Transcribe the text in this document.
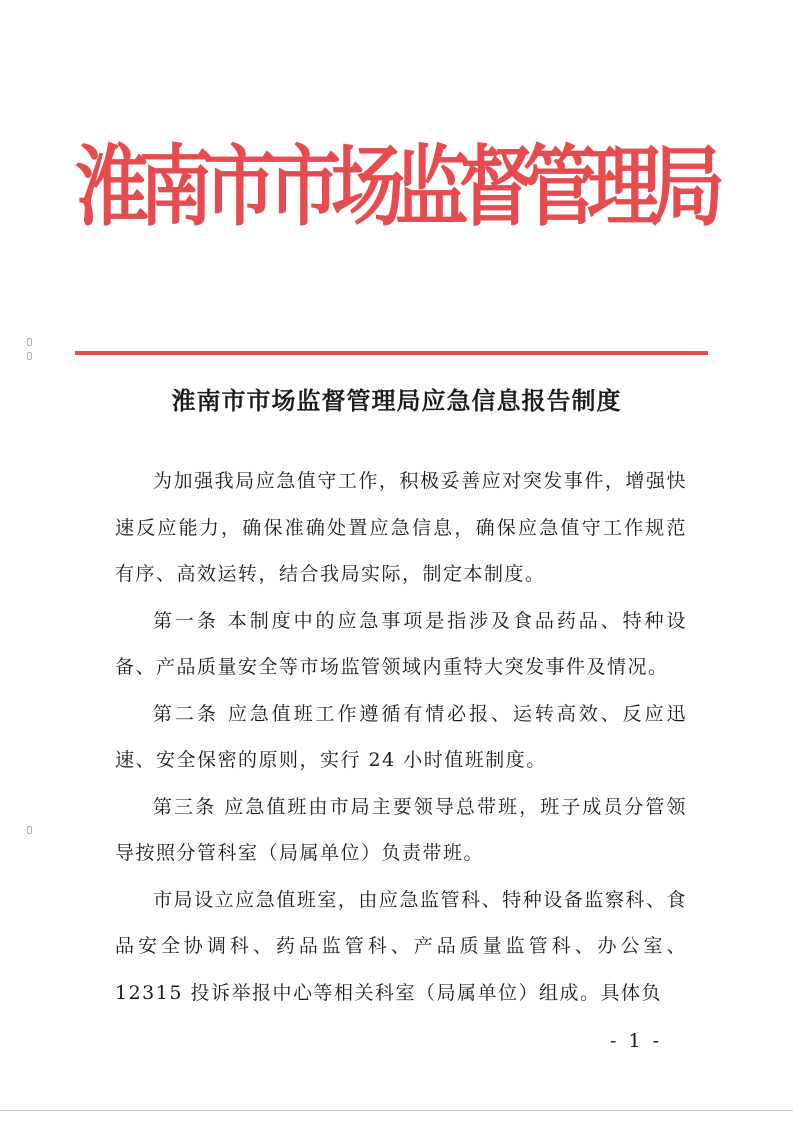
淮
南
市
市
场
监
督
管
理
局
淮南市市场监督管理局应急信息报告制度

为加强我局应急值守工作，积极妥善应对突发事件，增强快速反应能力，确保准确处置应急信息，确保应急值守工作规范有序、高效运转，结合我局实际，制定本制度。

第一条 本制度中的应急事项是指涉及食品药品、特种设备、产品质量安全等市场监管领域内重特大突发事件及情况。

第二条 应急值班工作遵循有情必报、运转高效、反应迅速、安全保密的原则，实行 24 小时值班制度。

第三条 应急值班由市局主要领导总带班，班子成员分管领导按照分管科室（局属单位）负责带班。

市局设立应急值班室，由应急监管科、特种设备监察科、食品安全协调科、药品监管科、产品质量监管科、办公室、12315 投诉举报中心等相关科室（局属单位）组成。具体负

- 1 -
